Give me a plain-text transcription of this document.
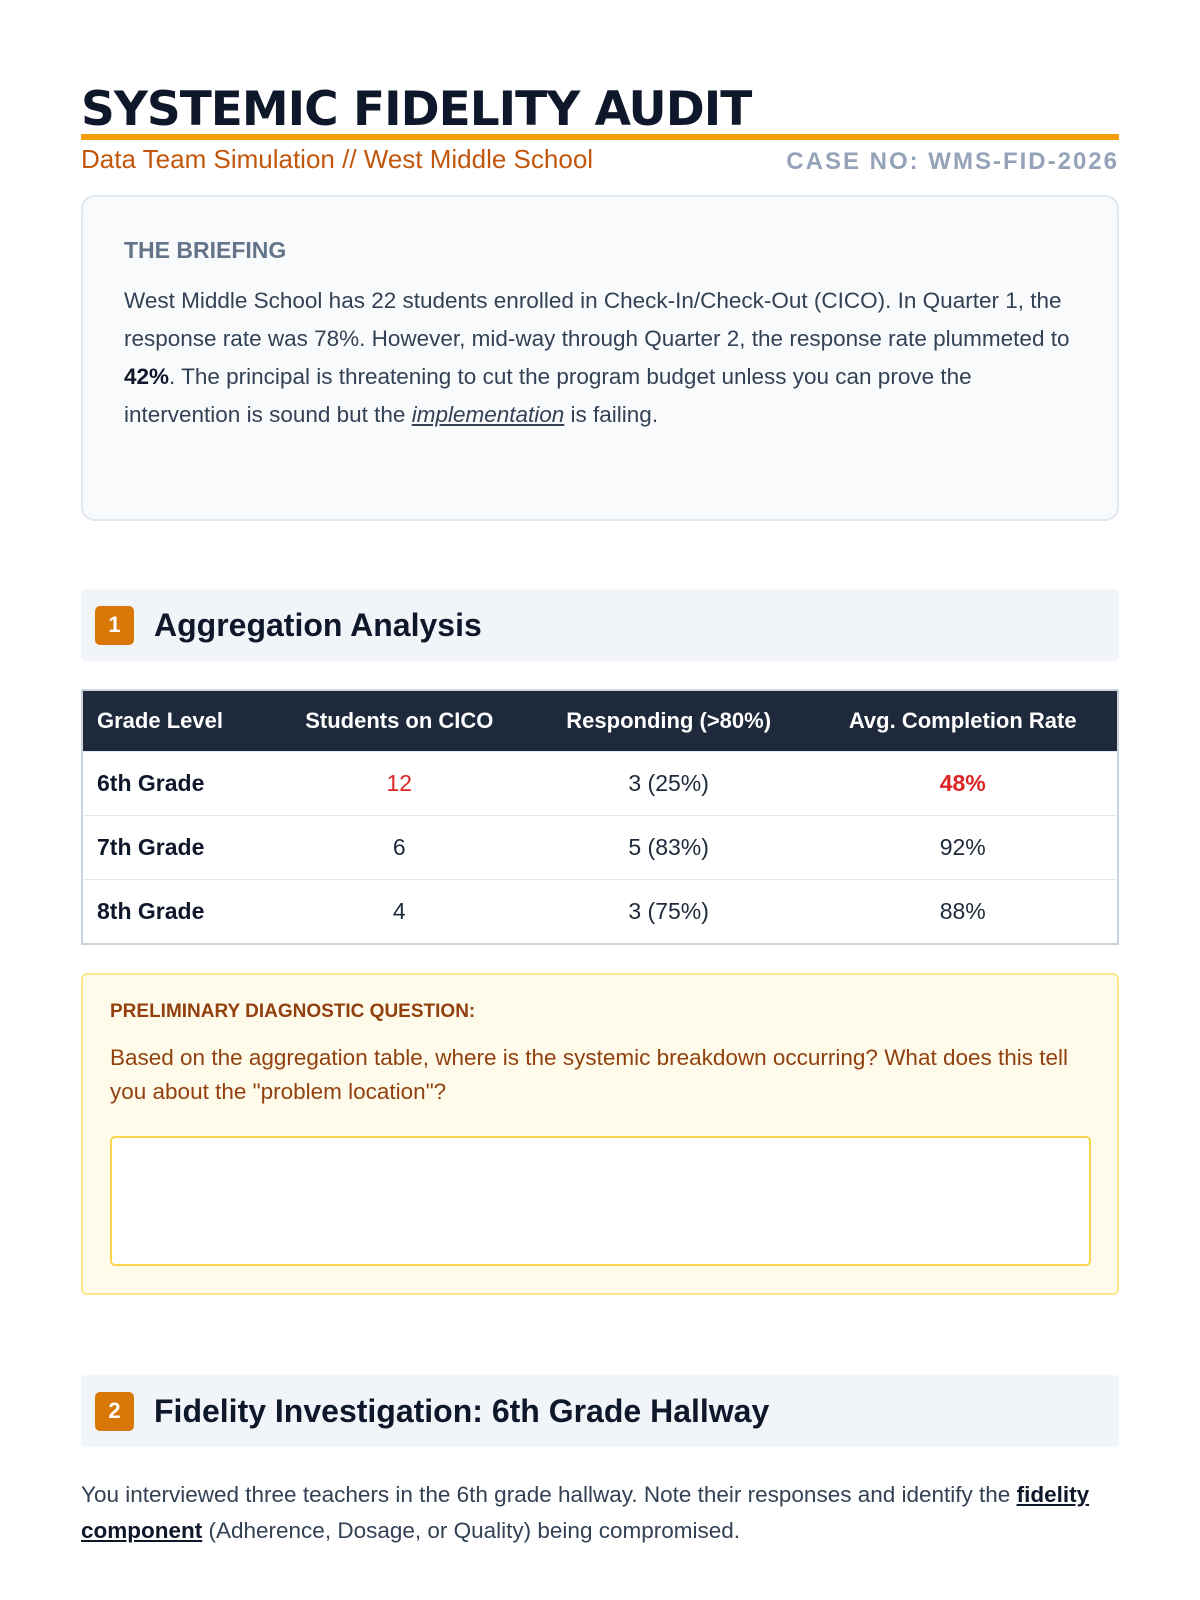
SYSTEMIC FIDELITY AUDIT
Data Team Simulation // West Middle School	CASE NO: WMS-FID-2026
THE BRIEFING

West Middle School has 22 students enrolled in Check-In/Check-Out (CICO). In Quarter 1, the response rate was 78%. However, mid-way through Quarter 2, the response rate plummeted to 42%. The principal is threatening to cut the program budget unless you can prove the intervention is sound but the implementation is failing.

1	Aggregation Analysis
Grade Level	Students on CICO	Responding (>80%)	Avg. Completion Rate
6th Grade	12	3 (25%)	48%
7th Grade	6	5 (83%)	92%
8th Grade	4	3 (75%)	88%
PRELIMINARY DIAGNOSTIC QUESTION:

Based on the aggregation table, where is the systemic breakdown occurring? What does this tell you about the "problem location"?

2	Fidelity Investigation: 6th Grade Hallway
You interviewed three teachers in the 6th grade hallway. Note their responses and identify the fidelity component (Adherence, Dosage, or Quality) being compromised.
